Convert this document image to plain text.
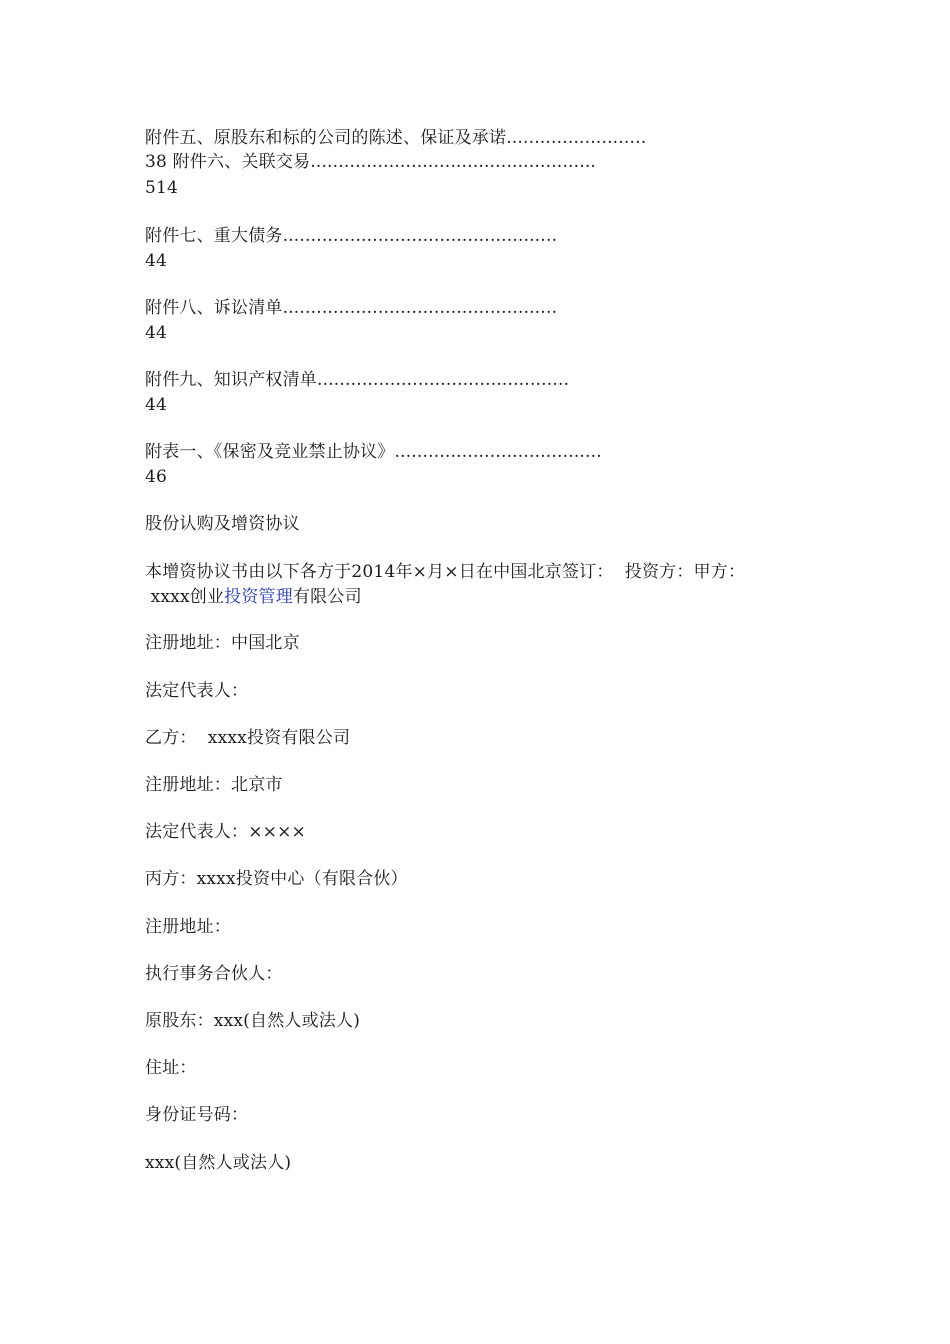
附件五、原股东和标的公司的陈述、保证及承诺.........................
38 附件六、关联交易...................................................
514
附件七、重大债务.................................................
44
附件八、诉讼清单.................................................
44
附件九、知识产权清单.............................................
44
附表一、《保密及竞业禁止协议》.....................................
46
股份认购及增资协议
本增资协议书由以下各方于2014年×月×日在中国北京签订：  投资方：甲方：
xxxx创业投资管理有限公司
注册地址：中国北京
法定代表人：
乙方：  xxxx投资有限公司
注册地址：北京市
法定代表人：××××
丙方：xxxx投资中心（有限合伙）
注册地址：
执行事务合伙人：
原股东：xxx(自然人或法人)
住址：
身份证号码：
xxx(自然人或法人)
